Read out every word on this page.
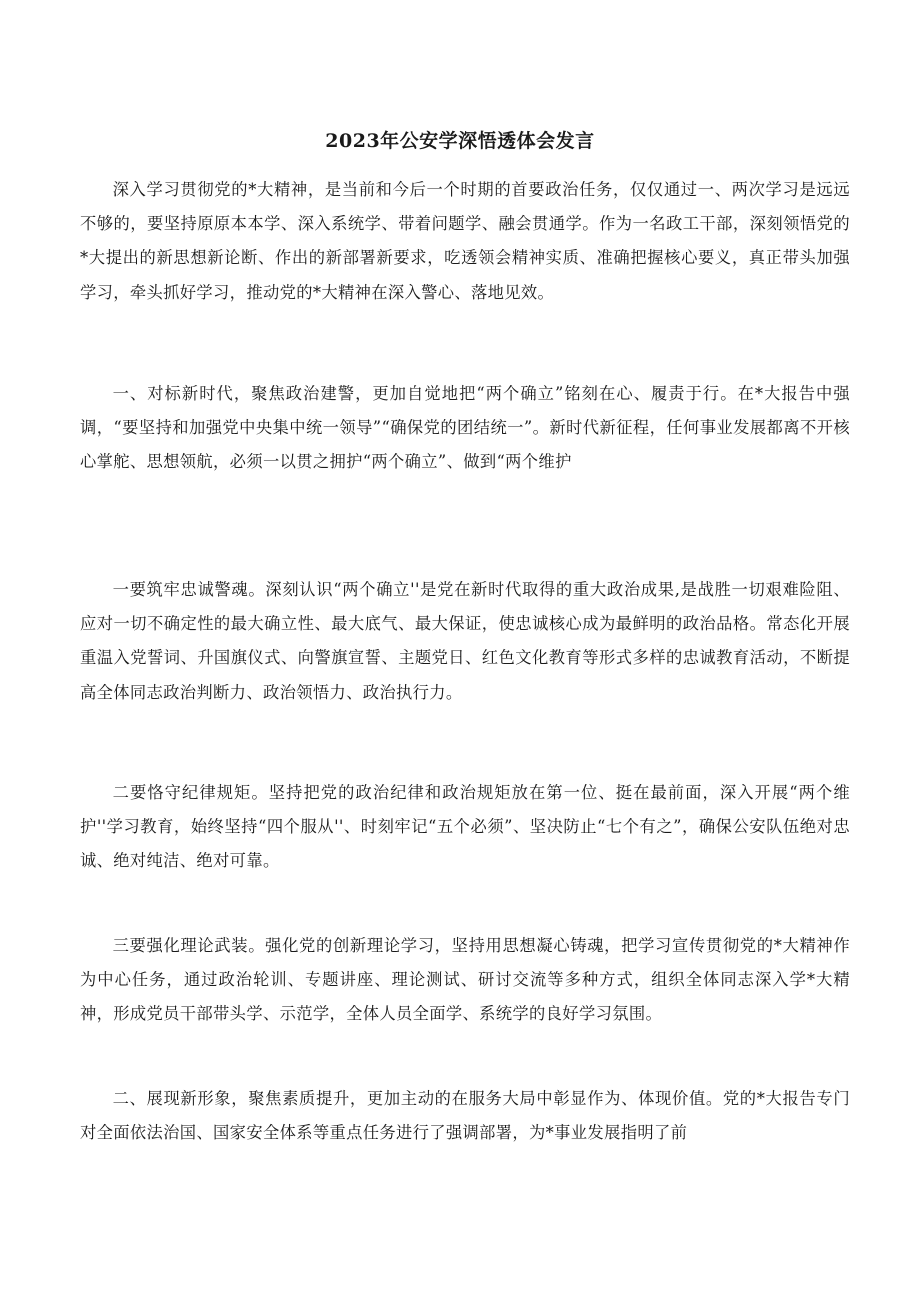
2023年公安学深悟透体会发言

深入学习贯彻党的*大精神，是当前和今后一个时期的首要政治任务，仅仅通过一、两次学习是远远不够的，要坚持原原本本学、深入系统学、带着问题学、融会贯通学。作为一名政工干部，深刻领悟党的*大提出的新思想新论断、作出的新部署新要求，吃透领会精神实质、准确把握核心要义，真正带头加强学习，牵头抓好学习，推动党的*大精神在深入警心、落地见效。

一、对标新时代，聚焦政治建警，更加自觉地把“两个确立”铭刻在心、履责于行。在*大报告中强调，“要坚持和加强党中央集中统一领导”“确保党的团结统一”。新时代新征程，任何事业发展都离不开核心掌舵、思想领航，必须一以贯之拥护“两个确立”、做到“两个维护

一要筑牢忠诚警魂。深刻认识“两个确立''是党在新时代取得的重大政治成果,是战胜一切艰难险阻、应对一切不确定性的最大确立性、最大底气、最大保证，使忠诚核心成为最鲜明的政治品格。常态化开展重温入党誓词、升国旗仪式、向警旗宣誓、主题党日、红色文化教育等形式多样的忠诚教育活动，不断提高全体同志政治判断力、政治领悟力、政治执行力。

二要恪守纪律规矩。坚持把党的政治纪律和政治规矩放在第一位、挺在最前面，深入开展“两个维护''学习教育，始终坚持“四个服从''、时刻牢记“五个必须”、坚决防止“七个有之”，确保公安队伍绝对忠诚、绝对纯洁、绝对可靠。

三要强化理论武装。强化党的创新理论学习，坚持用思想凝心铸魂，把学习宣传贯彻党的*大精神作为中心任务，通过政治轮训、专题讲座、理论测试、研讨交流等多种方式，组织全体同志深入学*大精神，形成党员干部带头学、示范学，全体人员全面学、系统学的良好学习氛围。

二、展现新形象，聚焦素质提升，更加主动的在服务大局中彰显作为、体现价值。党的*大报告专门对全面依法治国、国家安全体系等重点任务进行了强调部署，为*事业发展指明了前
